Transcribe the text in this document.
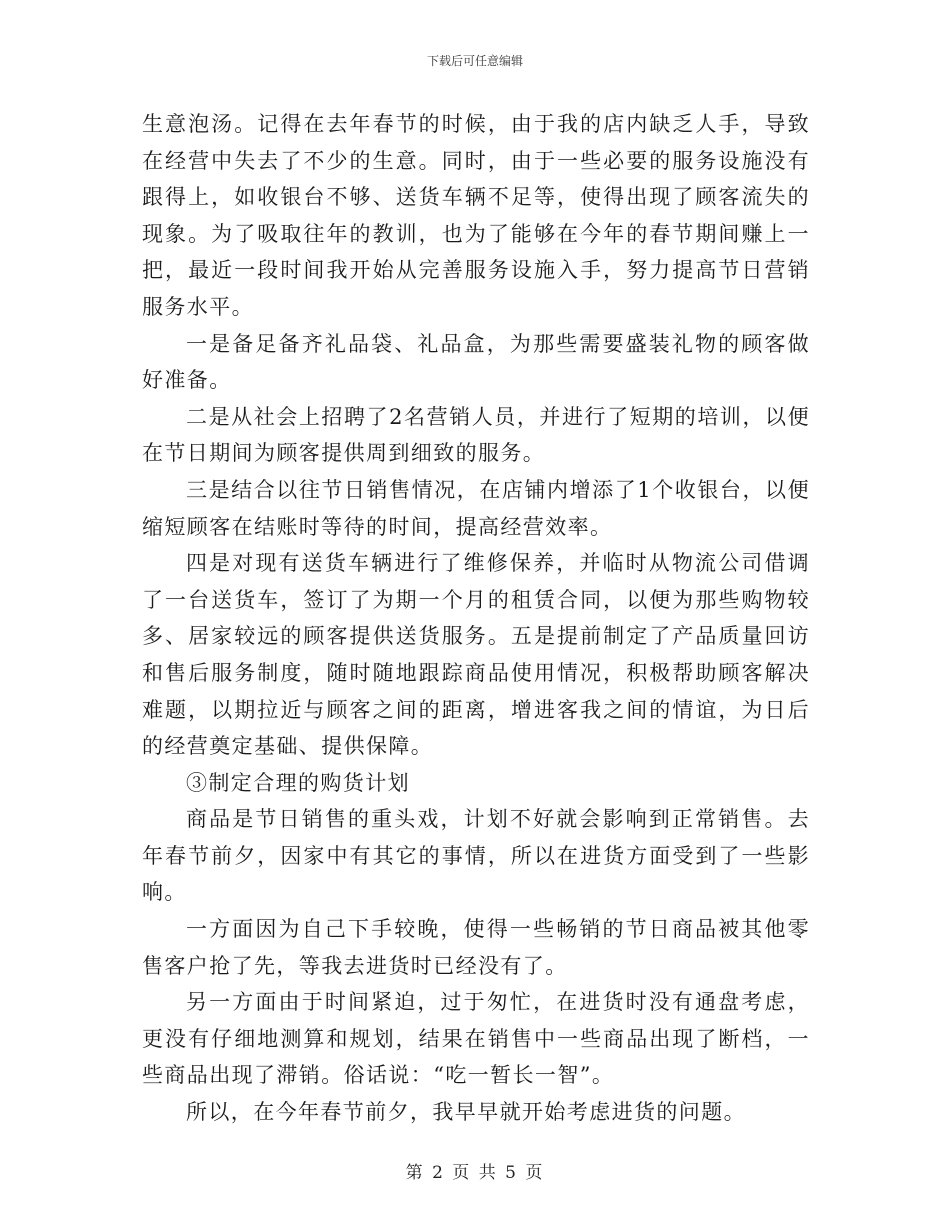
下载后可任意编辑

生意泡汤。记得在去年春节的时候，由于我的店内缺乏人手，导致在经营中失去了不少的生意。同时，由于一些必要的服务设施没有跟得上，如收银台不够、送货车辆不足等，使得出现了顾客流失的现象。为了吸取往年的教训，也为了能够在今年的春节期间赚上一把，最近一段时间我开始从完善服务设施入手，努力提高节日营销服务水平。

一是备足备齐礼品袋、礼品盒，为那些需要盛装礼物的顾客做好准备。

二是从社会上招聘了2名营销人员，并进行了短期的培训，以便在节日期间为顾客提供周到细致的服务。

三是结合以往节日销售情况，在店铺内增添了1个收银台，以便缩短顾客在结账时等待的时间，提高经营效率。

四是对现有送货车辆进行了维修保养，并临时从物流公司借调了一台送货车，签订了为期一个月的租赁合同，以便为那些购物较多、居家较远的顾客提供送货服务。五是提前制定了产品质量回访和售后服务制度，随时随地跟踪商品使用情况，积极帮助顾客解决难题，以期拉近与顾客之间的距离，增进客我之间的情谊，为日后的经营奠定基础、提供保障。

③制定合理的购货计划

商品是节日销售的重头戏，计划不好就会影响到正常销售。去年春节前夕，因家中有其它的事情，所以在进货方面受到了一些影响。

一方面因为自己下手较晚，使得一些畅销的节日商品被其他零售客户抢了先，等我去进货时已经没有了。

另一方面由于时间紧迫，过于匆忙，在进货时没有通盘考虑，更没有仔细地测算和规划，结果在销售中一些商品出现了断档，一些商品出现了滞销。俗话说：“吃一暂长一智”。

所以，在今年春节前夕，我早早就开始考虑进货的问题。

第 2 页 共 5 页
